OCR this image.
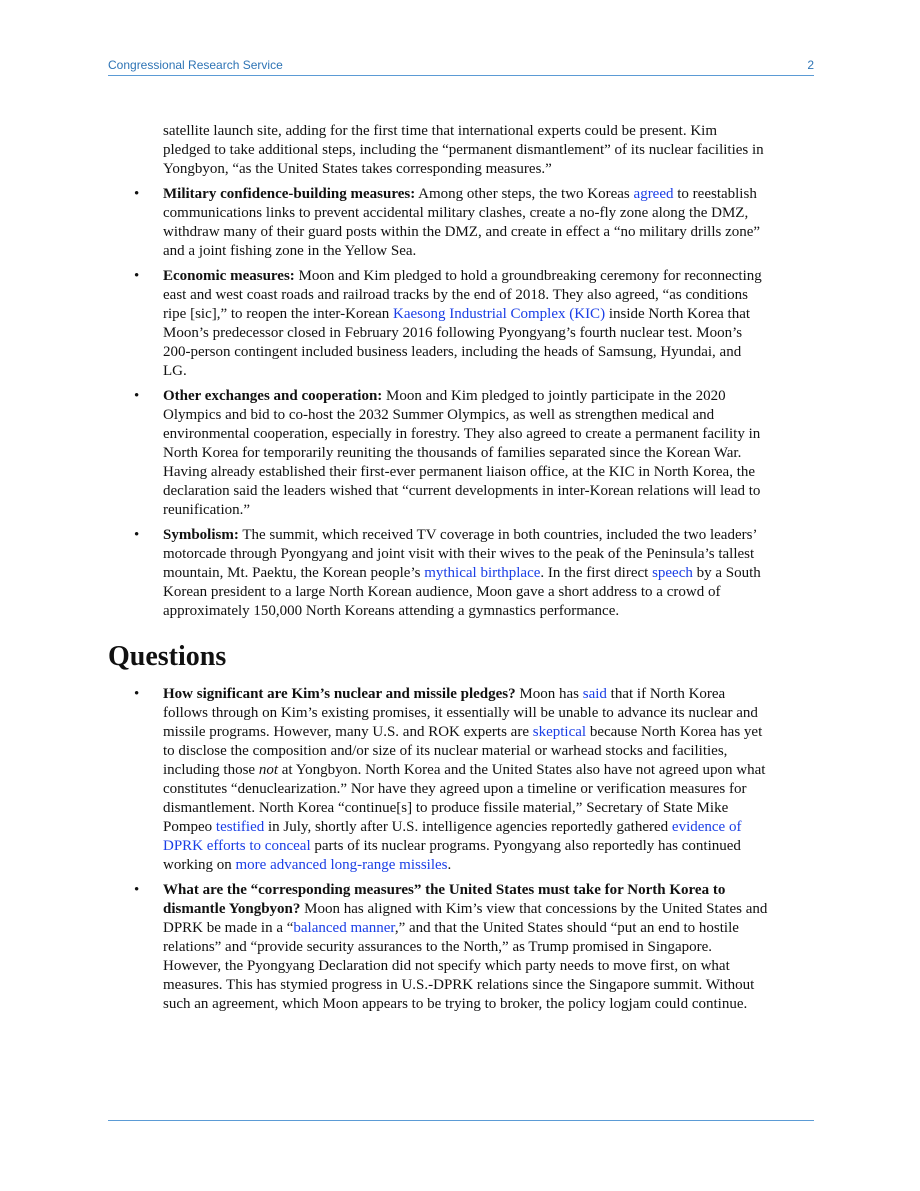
Congressional Research Service	2

satellite launch site, adding for the first time that international experts could be present. Kim pledged to take additional steps, including the “permanent dismantlement” of its nuclear facilities in Yongbyon, “as the United States takes corresponding measures.”

• Military confidence-building measures: Among other steps, the two Koreas agreed to reestablish communications links to prevent accidental military clashes, create a no-fly zone along the DMZ, withdraw many of their guard posts within the DMZ, and create in effect a “no military drills zone” and a joint fishing zone in the Yellow Sea.
• Economic measures: Moon and Kim pledged to hold a groundbreaking ceremony for reconnecting east and west coast roads and railroad tracks by the end of 2018. They also agreed, “as conditions ripe [sic],” to reopen the inter-Korean Kaesong Industrial Complex (KIC) inside North Korea that Moon’s predecessor closed in February 2016 following Pyongyang’s fourth nuclear test. Moon’s 200-person contingent included business leaders, including the heads of Samsung, Hyundai, and LG.
• Other exchanges and cooperation: Moon and Kim pledged to jointly participate in the 2020 Olympics and bid to co-host the 2032 Summer Olympics, as well as strengthen medical and environmental cooperation, especially in forestry. They also agreed to create a permanent facility in North Korea for temporarily reuniting the thousands of families separated since the Korean War. Having already established their first-ever permanent liaison office, at the KIC in North Korea, the declaration said the leaders wished that “current developments in inter-Korean relations will lead to reunification.”
• Symbolism: The summit, which received TV coverage in both countries, included the two leaders’ motorcade through Pyongyang and joint visit with their wives to the peak of the Peninsula’s tallest mountain, Mt. Paektu, the Korean people’s mythical birthplace. In the first direct speech by a South Korean president to a large North Korean audience, Moon gave a short address to a crowd of approximately 150,000 North Koreans attending a gymnastics performance.
Questions
• How significant are Kim’s nuclear and missile pledges? Moon has said that if North Korea follows through on Kim’s existing promises, it essentially will be unable to advance its nuclear and missile programs. However, many U.S. and ROK experts are skeptical because North Korea has yet to disclose the composition and/or size of its nuclear material or warhead stocks and facilities, including those not at Yongbyon. North Korea and the United States also have not agreed upon what constitutes “denuclearization.” Nor have they agreed upon a timeline or verification measures for dismantlement. North Korea “continue[s] to produce fissile material,” Secretary of State Mike Pompeo testified in July, shortly after U.S. intelligence agencies reportedly gathered evidence of DPRK efforts to conceal parts of its nuclear programs. Pyongyang also reportedly has continued working on more advanced long-range missiles.
• What are the “corresponding measures” the United States must take for North Korea to dismantle Yongbyon? Moon has aligned with Kim’s view that concessions by the United States and DPRK be made in a “balanced manner,” and that the United States should “put an end to hostile relations” and “provide security assurances to the North,” as Trump promised in Singapore. However, the Pyongyang Declaration did not specify which party needs to move first, on what measures. This has stymied progress in U.S.-DPRK relations since the Singapore summit. Without such an agreement, which Moon appears to be trying to broker, the policy logjam could continue.
